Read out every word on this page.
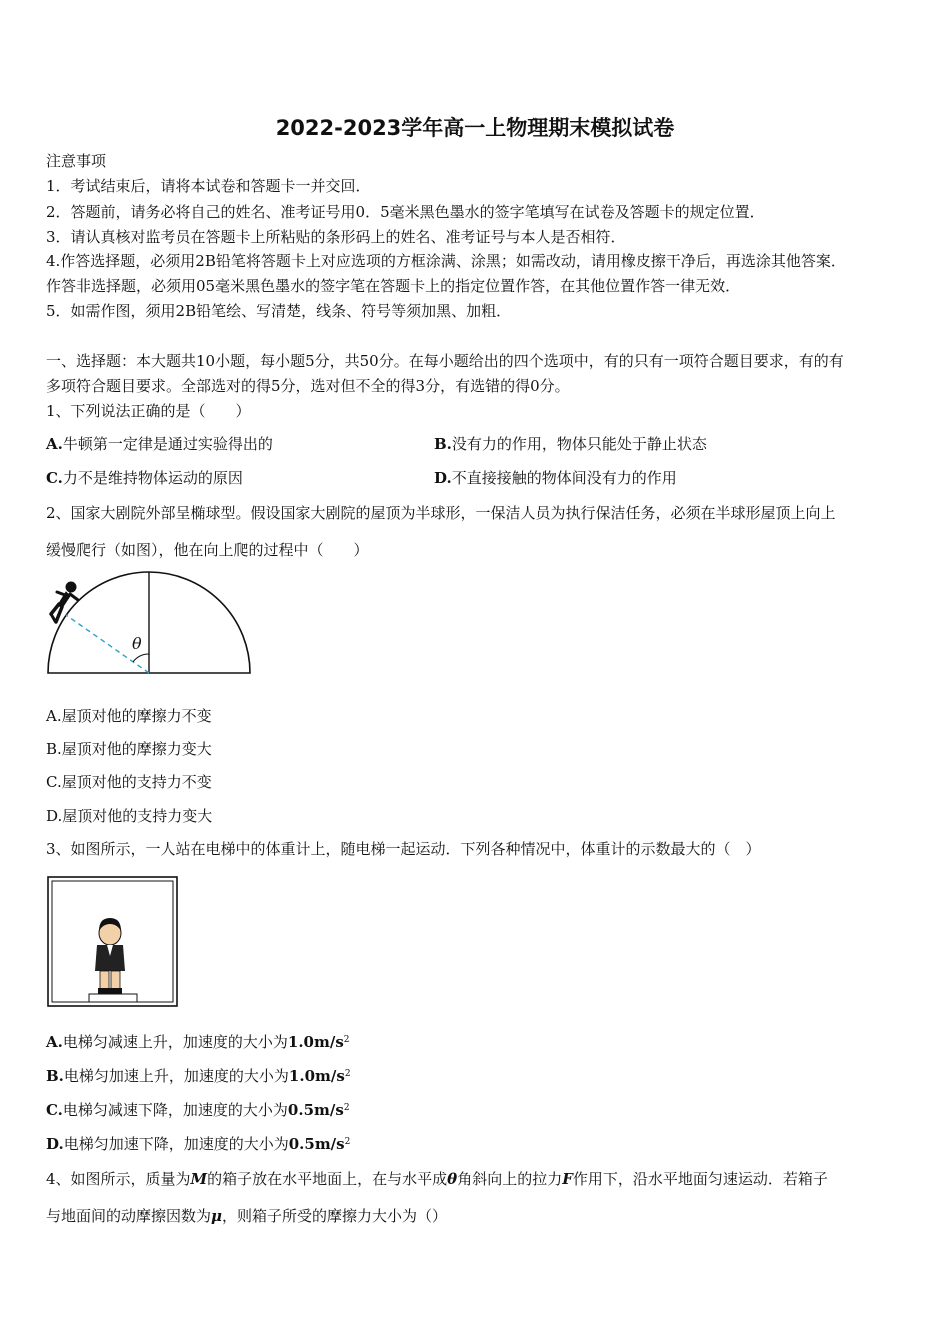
2022-2023学年高一上物理期末模拟试卷
注意事项
1．考试结束后，请将本试卷和答题卡一并交回．
2．答题前，请务必将自己的姓名、准考证号用0．5毫米黑色墨水的签字笔填写在试卷及答题卡的规定位置．
3．请认真核对监考员在答题卡上所粘贴的条形码上的姓名、准考证号与本人是否相符．
4.作答选择题，必须用2B铅笔将答题卡上对应选项的方框涂满、涂黑；如需改动，请用橡皮擦干净后，再选涂其他答案．
作答非选择题，必须用05毫米黑色墨水的签字笔在答题卡上的指定位置作答，在其他位置作答一律无效．
5．如需作图，须用2B铅笔绘、写清楚，线条、符号等须加黑、加粗．
一、选择题：本大题共10小题，每小题5分，共50分。在每小题给出的四个选项中，有的只有一项符合题目要求，有的有
多项符合题目要求。全部选对的得5分，选对但不全的得3分，有选错的得0分。
1、下列说法正确的是（　　）
A.牛顿第一定律是通过实验得出的	B.没有力的作用，物体只能处于静止状态
C.力不是维持物体运动的原因	D.不直接接触的物体间没有力的作用
2、国家大剧院外部呈椭球型。假设国家大剧院的屋顶为半球形，一保洁人员为执行保洁任务，必须在半球形屋顶上向上
缓慢爬行（如图），他在向上爬的过程中（　　）
θ
A.屋顶对他的摩擦力不变
B.屋顶对他的摩擦力变大
C.屋顶对他的支持力不变
D.屋顶对他的支持力变大
3、如图所示，一人站在电梯中的体重计上，随电梯一起运动．下列各种情况中，体重计的示数最大的（　）
A.电梯匀减速上升，加速度的大小为$1.0m/s^2$
B.电梯匀加速上升，加速度的大小为$1.0m/s^2$
C.电梯匀减速下降，加速度的大小为$0.5m/s^2$
D.电梯匀加速下降，加速度的大小为$0.5m/s^2$
4、如图所示，质量为M的箱子放在水平地面上，在与水平成θ角斜向上的拉力F作用下，沿水平地面匀速运动．若箱子
与地面间的动摩擦因数为μ，则箱子所受的摩擦力大小为（）
